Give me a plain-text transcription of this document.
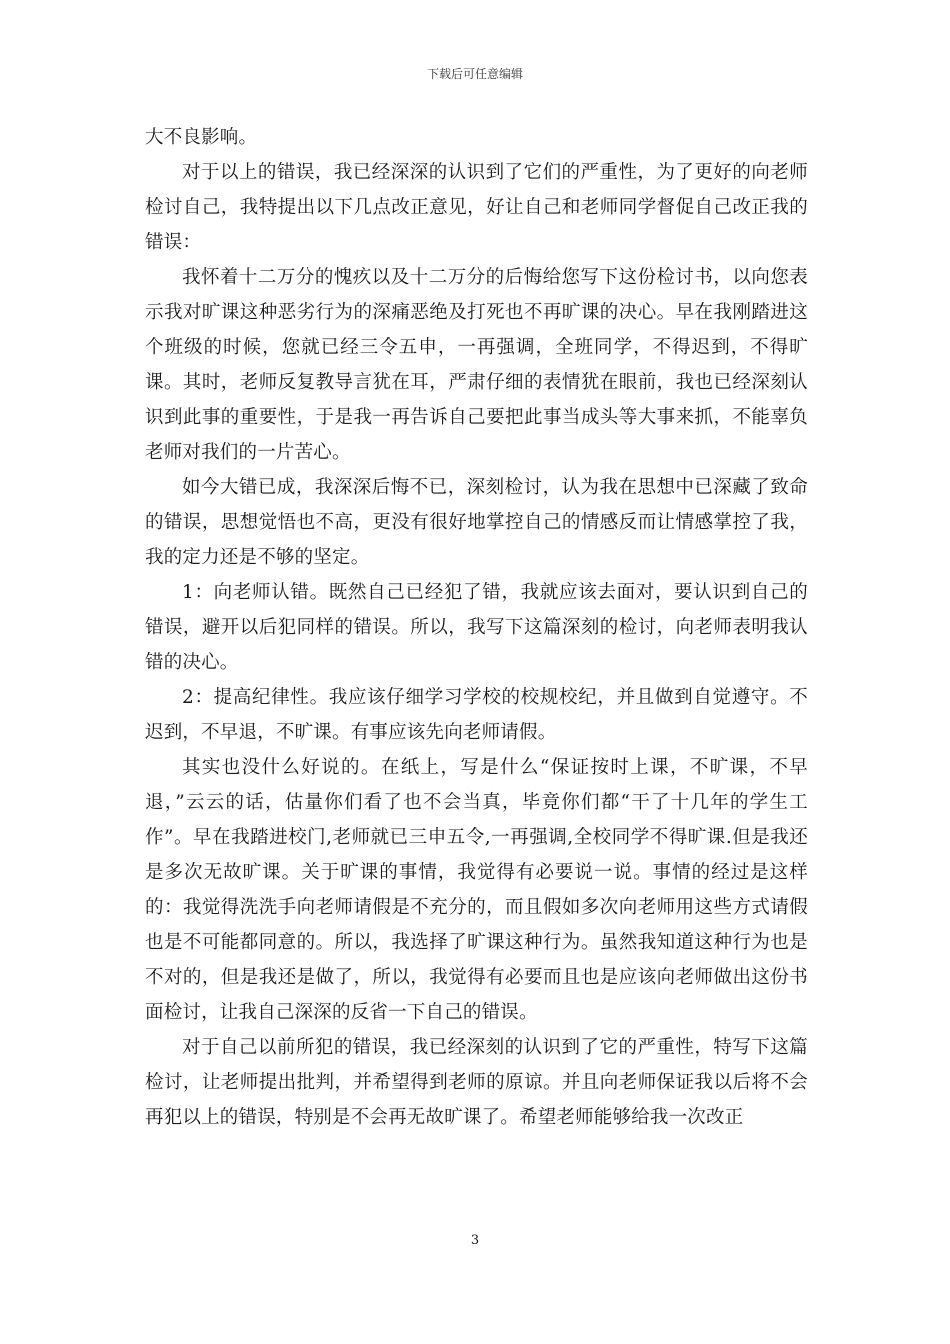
下载后可任意编辑

大不良影响。

对于以上的错误，我已经深深的认识到了它们的严重性，为了更好的向老师检讨自己，我特提出以下几点改正意见，好让自己和老师同学督促自己改正我的错误：

我怀着十二万分的愧疚以及十二万分的后悔给您写下这份检讨书，以向您表示我对旷课这种恶劣行为的深痛恶绝及打死也不再旷课的决心。早在我刚踏进这个班级的时候，您就已经三令五申，一再强调，全班同学，不得迟到，不得旷课。其时，老师反复教导言犹在耳，严肃仔细的表情犹在眼前，我也已经深刻认识到此事的重要性，于是我一再告诉自己要把此事当成头等大事来抓，不能辜负老师对我们的一片苦心。

如今大错已成，我深深后悔不已，深刻检讨，认为我在思想中已深藏了致命的错误，思想觉悟也不高，更没有很好地掌控自己的情感反而让情感掌控了我，我的定力还是不够的坚定。

1：向老师认错。既然自己已经犯了错，我就应该去面对，要认识到自己的错误，避开以后犯同样的错误。所以，我写下这篇深刻的检讨，向老师表明我认错的决心。

2：提高纪律性。我应该仔细学习学校的校规校纪，并且做到自觉遵守。不迟到，不早退，不旷课。有事应该先向老师请假。

其实也没什么好说的。在纸上，写是什么“保证按时上课，不旷课，不早退，”云云的话，估量你们看了也不会当真，毕竟你们都“干了十几年的学生工作”。早在我踏进校门,老师就已三申五令,一再强调,全校同学不得旷课.但是我还是多次无故旷课。关于旷课的事情，我觉得有必要说一说。事情的经过是这样的：我觉得洗洗手向老师请假是不充分的，而且假如多次向老师用这些方式请假也是不可能都同意的。所以，我选择了旷课这种行为。虽然我知道这种行为也是不对的，但是我还是做了，所以，我觉得有必要而且也是应该向老师做出这份书面检讨，让我自己深深的反省一下自己的错误。

对于自己以前所犯的错误，我已经深刻的认识到了它的严重性，特写下这篇检讨，让老师提出批判，并希望得到老师的原谅。并且向老师保证我以后将不会再犯以上的错误，特别是不会再无故旷课了。希望老师能够给我一次改正

3
